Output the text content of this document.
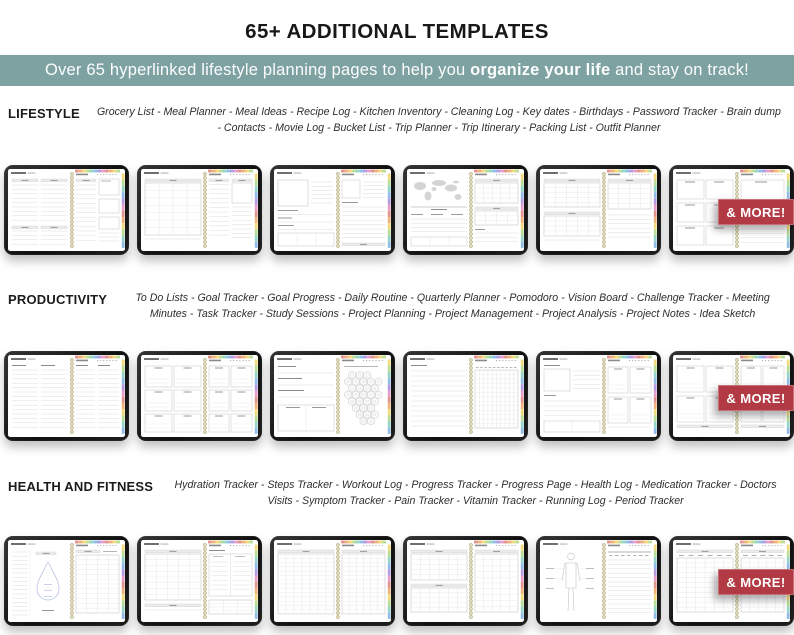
65+ ADDITIONAL TEMPLATES
Over 65 hyperlinked lifestyle planning pages to help you organize your life and stay on track!
LIFESTYLE Grocery List - Meal Planner - Meal Ideas - Recipe Log - Kitchen Inventory - Cleaning Log - Key dates - Birthdays - Password Tracker - Brain dump - Contacts - Movie Log - Bucket List - Trip Planner - Trip Itinerary - Packing List - Outfit Planner

& MORE!
PRODUCTIVITY	To Do Lists - Goal Tracker - Goal Progress - Daily Routine - Quarterly Planner - Pomodoro - Vision Board - Challenge Tracker - Meeting Minutes - Task Tracker - Study Sessions - Project Planning - Project Management - Project Analysis - Project Notes - Idea Sketch

& MORE!
HEALTH AND FITNESS	Hydration Tracker - Steps Tracker - Workout Log - Progress Tracker - Progress Page - Health Log - Medication Tracker - Doctors Visits - Symptom Tracker - Pain Tracker - Vitamin Tracker - Running Log - Period Tracker

& MORE!
